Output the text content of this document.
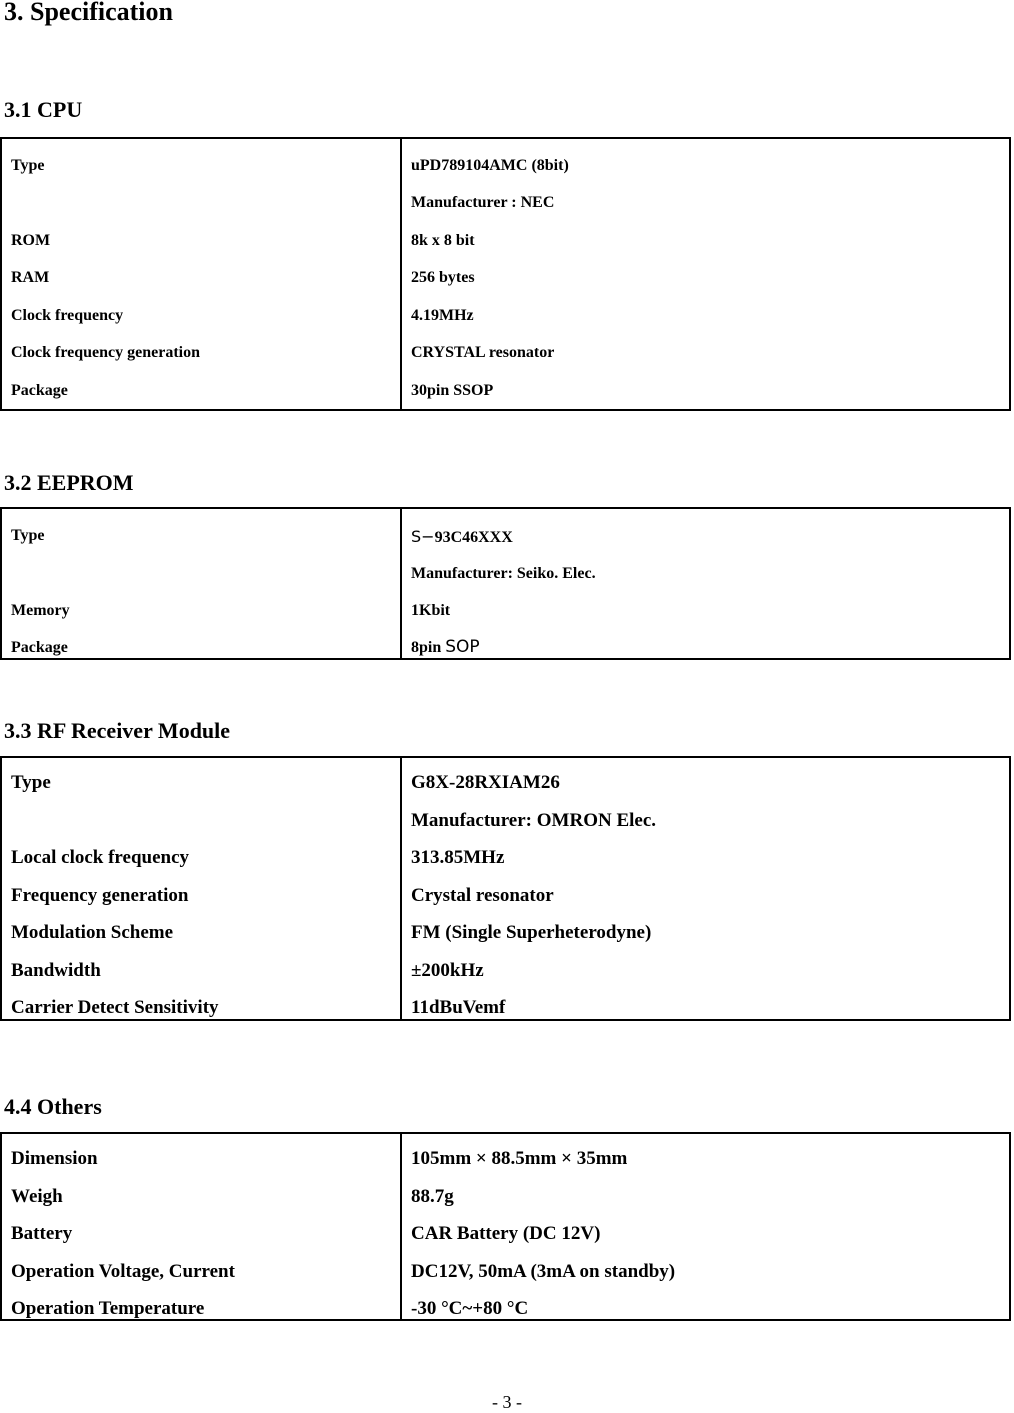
3. Specification
3.1 CPU
Type	uPD789104AMC (8bit)
Manufacturer : NEC
ROM	8k x 8 bit
RAM	256 bytes
Clock frequency	4.19MHz
Clock frequency generation	CRYSTAL resonator
Package	30pin SSOP
3.2 EEPROM
Type	S−93C46XXX
Manufacturer: Seiko. Elec.
Memory	1Kbit
Package	8pin SOP
3.3 RF Receiver Module
Type	G8X-28RXIAM26
Manufacturer: OMRON Elec.
Local clock frequency	313.85MHz
Frequency generation	Crystal resonator
Modulation Scheme	FM (Single Superheterodyne)
Bandwidth	±200kHz
Carrier Detect Sensitivity	11dBuVemf
4.4 Others
Dimension	105mm × 88.5mm × 35mm
Weigh	88.7g
Battery	CAR Battery (DC 12V)
Operation Voltage, Current	DC12V, 50mA (3mA on standby)
Operation Temperature	-30 °C~+80 °C
- 3 -
